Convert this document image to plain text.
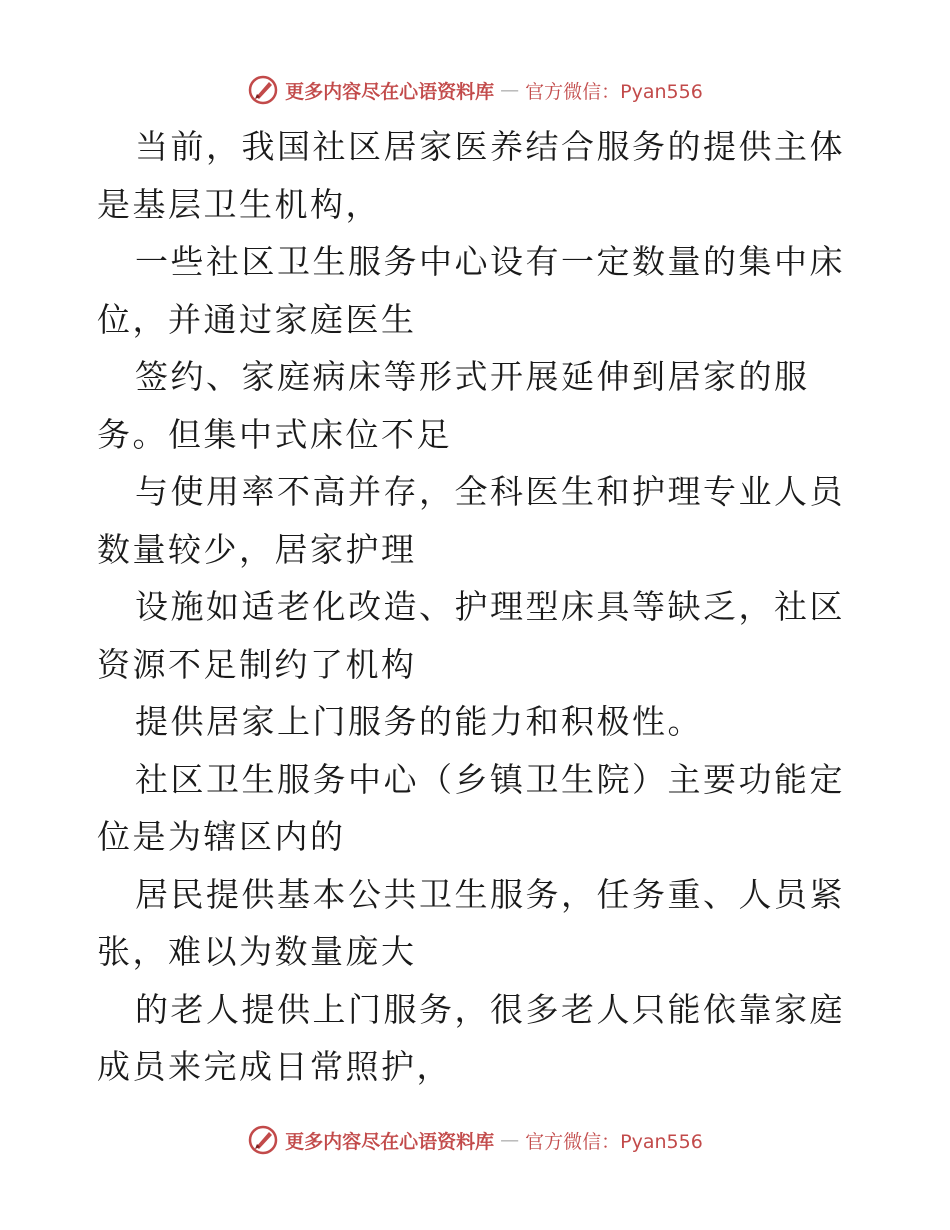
更多内容尽在心语资料库 — 官方微信：Pyan556

当前，我国社区居家医养结合服务的提供主体是基层卫生机构，

一些社区卫生服务中心设有一定数量的集中床位，并通过家庭医生

签约、家庭病床等形式开展延伸到居家的服务。但集中式床位不足

与使用率不高并存，全科医生和护理专业人员数量较少，居家护理

设施如适老化改造、护理型床具等缺乏，社区资源不足制约了机构

提供居家上门服务的能力和积极性。

社区卫生服务中心（乡镇卫生院）主要功能定位是为辖区内的

居民提供基本公共卫生服务，任务重、人员紧张，难以为数量庞大

的老人提供上门服务，很多老人只能依靠家庭成员来完成日常照护，

更多内容尽在心语资料库 — 官方微信：Pyan556
